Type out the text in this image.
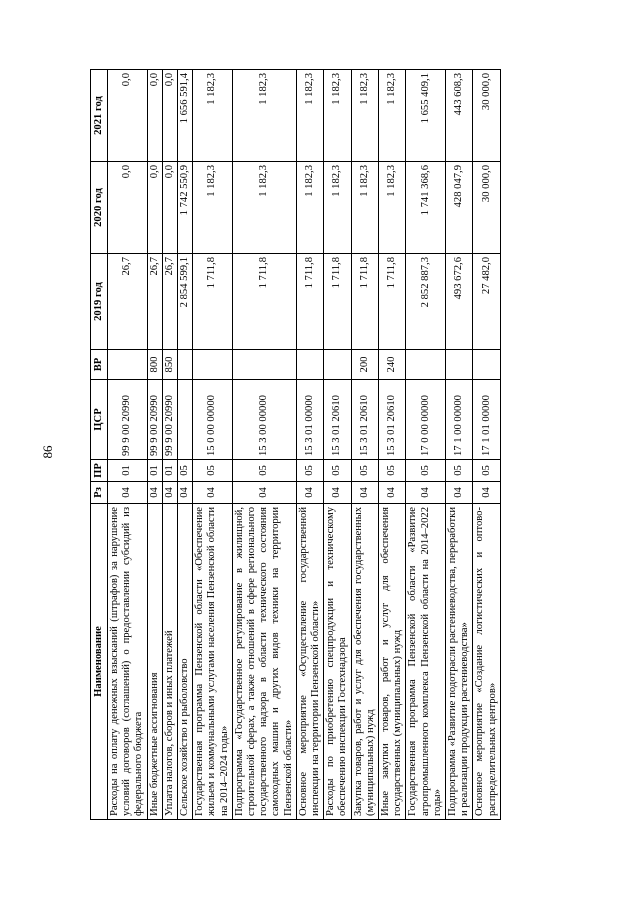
86
Наименование	Рз	ПР	ЦСР	ВР	2019 год	2020 год	2021 год
Расходы на оплату денежных взысканий (штрафов) за нарушение условий договоров (соглашений) о предоставлении субсидий из федерального бюджета	04	01	99 9 00 20990		26,7	0,0	0,0
Иные бюджетные ассигнования	04	01	99 9 00 20990	800	26,7	0,0	0,0
Уплата налогов, сборов и иных платежей	04	01	99 9 00 20990	850	26,7	0,0	0,0
Сельское хозяйство и рыболовство	04	05			2 854 599,1	1 742 550,9	1 656 591,4
Государственная программа Пензенской области «Обеспечение жильем и коммунальными услугами населения Пензенской области на 2014–2024 годы»	04	05	15 0 00 00000		1 711,8	1 182,3	1 182,3
Подпрограмма «Государственное регулирование в жилищной, строительной сферах, а также отношений в сфере регионального государственного надзора в области технического состояния самоходных машин и других видов техники на территории Пензенской области»	04	05	15 3 00 00000		1 711,8	1 182,3	1 182,3
Основное мероприятие «Осуществление государственной инспекции на территории Пензенской области»	04	05	15 3 01 00000		1 711,8	1 182,3	1 182,3
Расходы по приобретению спецпродукции и техническому обеспечению инспекции Гостехнадзора	04	05	15 3 01 20610		1 711,8	1 182,3	1 182,3
Закупка товаров, работ и услуг для обеспечения государственных (муниципальных) нужд	04	05	15 3 01 20610	200	1 711,8	1 182,3	1 182,3
Иные закупки товаров, работ и услуг для обеспечения государственных (муниципальных) нужд	04	05	15 3 01 20610	240	1 711,8	1 182,3	1 182,3
Государственная программа Пензенской области «Развитие агропромышленного комплекса Пензенской области на 2014–2022 годы»	04	05	17 0 00 00000		2 852 887,3	1 741 368,6	1 655 409,1
Подпрограмма «Развитие подотрасли растениеводства, переработки и реализации продукции растениеводства»	04	05	17 1 00 00000		493 672,6	428 047,9	443 608,3
Основное мероприятие «Создание логистических и оптово-распределительных центров»	04	05	17 1 01 00000		27 482,0	30 000,0	30 000,0
